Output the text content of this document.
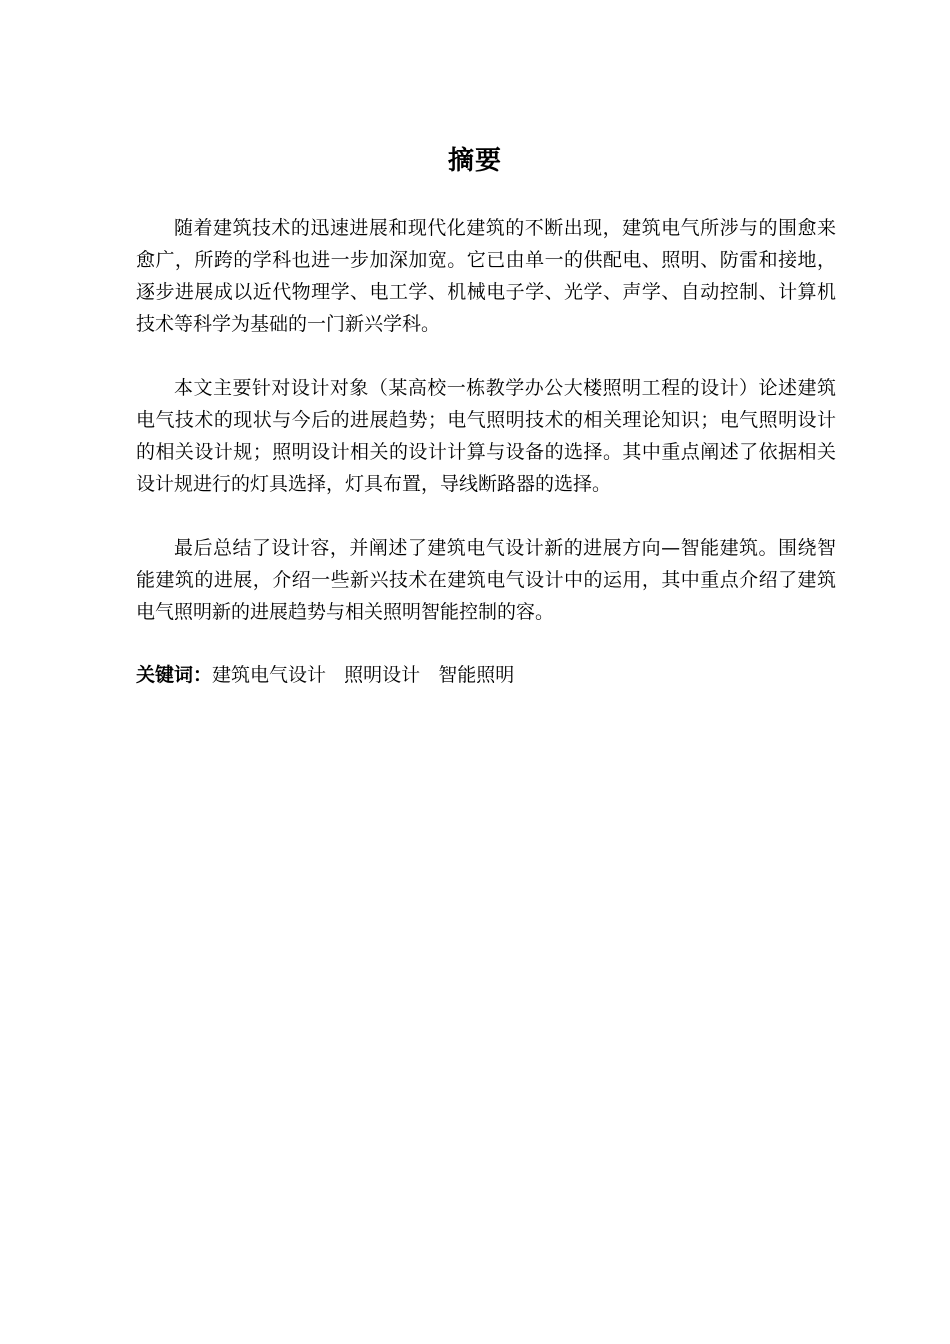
摘要

随着建筑技术的迅速进展和现代化建筑的不断出现，建筑电气所涉与的围愈来愈广，所跨的学科也进一步加深加宽。它已由单一的供配电、照明、防雷和接地，逐步进展成以近代物理学、电工学、机械电子学、光学、声学、自动控制、计算机技术等科学为基础的一门新兴学科。

本文主要针对设计对象（某高校一栋教学办公大楼照明工程的设计）论述建筑电气技术的现状与今后的进展趋势；电气照明技术的相关理论知识；电气照明设计的相关设计规；照明设计相关的设计计算与设备的选择。其中重点阐述了依据相关设计规进行的灯具选择，灯具布置，导线断路器的选择。

最后总结了设计容，并阐述了建筑电气设计新的进展方向—智能建筑。围绕智能建筑的进展，介绍一些新兴技术在建筑电气设计中的运用，其中重点介绍了建筑电气照明新的进展趋势与相关照明智能控制的容。

关键词：建筑电气设计   照明设计   智能照明
